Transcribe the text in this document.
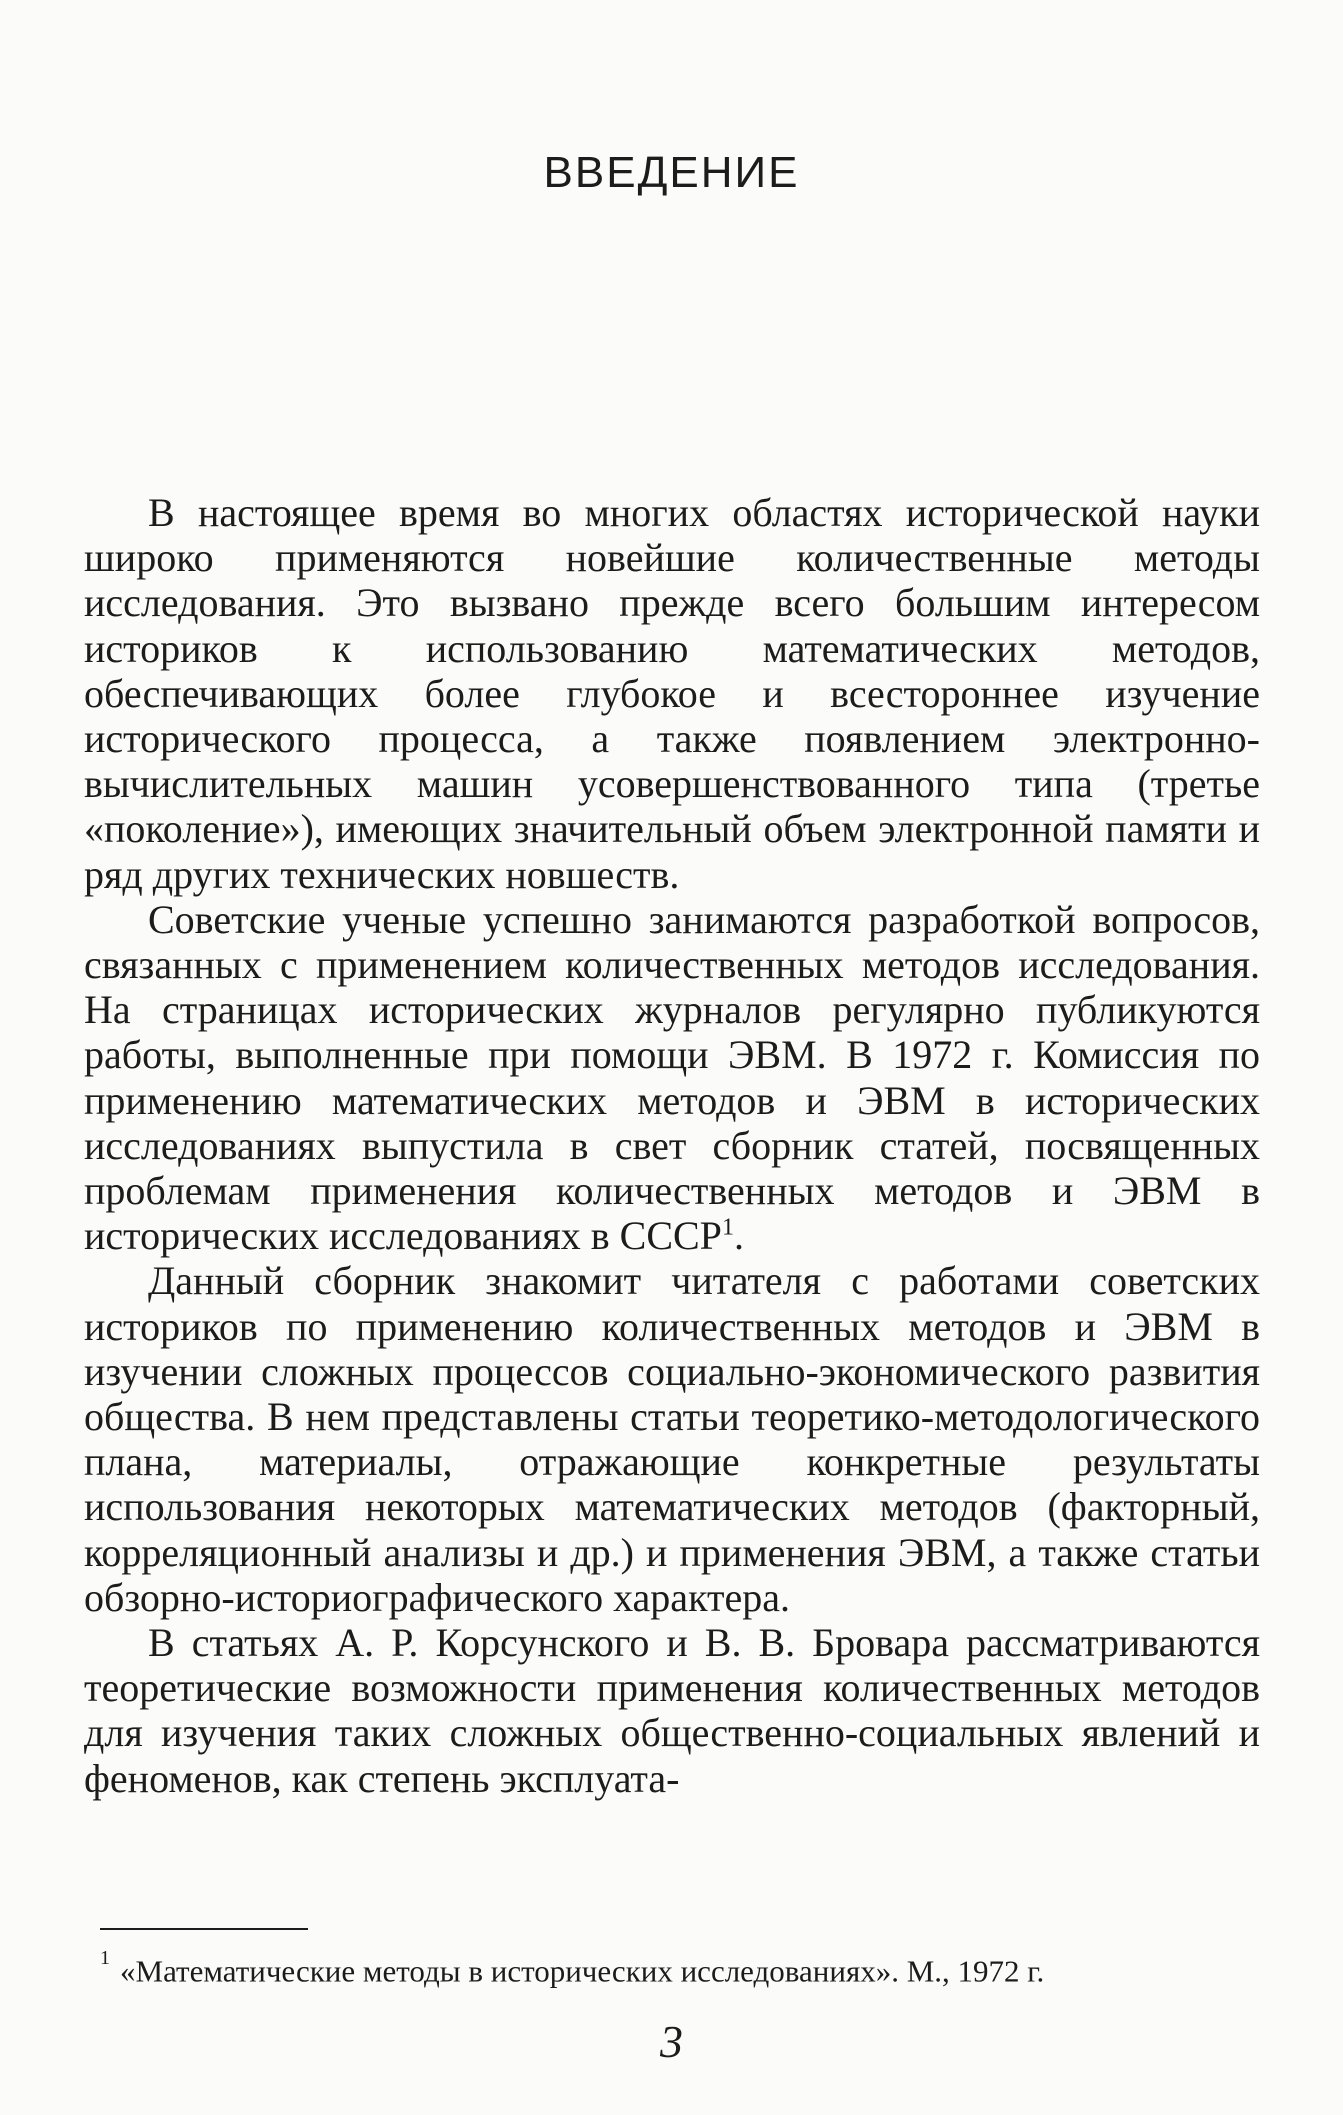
ВВЕДЕНИЕ

В настоящее время во многих областях исторической науки широко применяются новейшие количественные методы исследования. Это вызвано прежде всего большим интересом историков к использованию математических методов, обеспечивающих более глубокое и всестороннее изучение исторического процесса, а также появлением электронно-вычислительных машин усовершенствованного типа (третье «поколение»), имеющих значительный объем электронной памяти и ряд других технических новшеств.

Советские ученые успешно занимаются разработкой вопросов, связанных с применением количественных методов исследования. На страницах исторических журналов регулярно публикуются работы, выполненные при помощи ЭВМ. В 1972 г. Комиссия по применению математических методов и ЭВМ в исторических исследованиях выпустила в свет сборник статей, посвященных проблемам применения количественных методов и ЭВМ в исторических исследованиях в СССР$^1$.

Данный сборник знакомит читателя с работами советских историков по применению количественных методов и ЭВМ в изучении сложных процессов социально-экономического развития общества. В нем представлены статьи теоретико-методологического плана, материалы, отражающие конкретные результаты использования некоторых математических методов (факторный, корреляционный анализы и др.) и применения ЭВМ, а также статьи обзорно-историографического характера.

В статьях А. Р. Корсунского и В. В. Бровара рассматриваются теоретические возможности применения количественных методов для изучения таких сложных общественно-социальных явлений и феноменов, как степень эксплуата-

$^1$ «Математические методы в исторических исследованиях». М., 1972 г.
3
